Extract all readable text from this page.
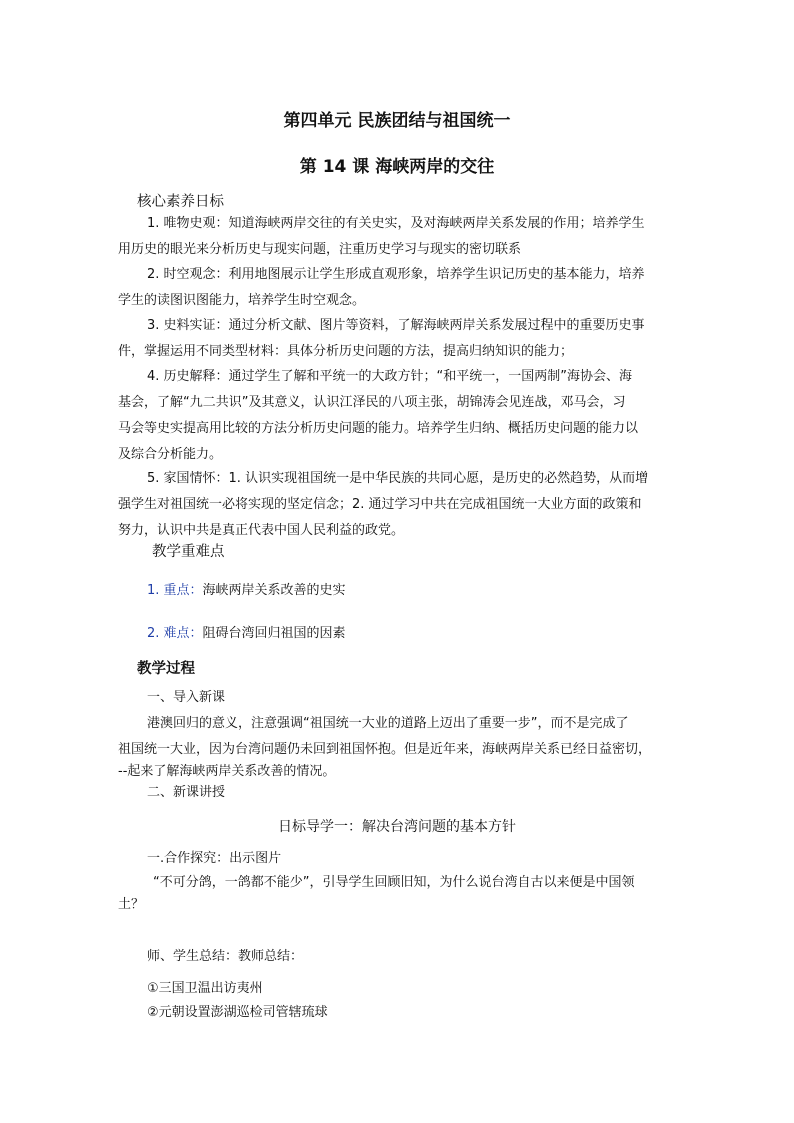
第四单元 民族团结与祖国统一
第 14 课 海峡两岸的交往
核心素养日标
1. 唯物史观：知道海峡两岸交往的有关史实，及对海峡两岸关系发展的作用；培养学生
用历史的眼光来分析历史与现实问题，注重历史学习与现实的密切联系
2. 时空观念：利用地图展示让学生形成直观形象，培养学生识记历史的基本能力，培养
学生的读图识图能力，培养学生时空观念。
3. 史料实证：通过分析文献、图片等资料，了解海峡两岸关系发展过程中的重要历史事
件，掌握运用不同类型材料：具体分析历史问题的方法，提高归纳知识的能力；
4. 历史解释：通过学生了解和平统一的大政方针；“和平统一，一国两制”海协会、海
基会，了解“九二共识”及其意义，认识江泽民的八项主张，胡锦涛会见连战，邓马会，习
马会等史实提高用比较的方法分析历史问题的能力。培养学生归纳、概括历史问题的能力以
及综合分析能力。
5. 家国情怀：1. 认识实现祖国统一是中华民族的共同心愿，是历史的必然趋势，从而增
强学生对祖国统一必将实现的坚定信念；2. 通过学习中共在完成祖国统一大业方面的政策和
努力，认识中共是真正代表中国人民利益的政党。
教学重难点
1. 重点：海峡两岸关系改善的史实
2. 难点：阻碍台湾回归祖国的因素
教学过程
一、导入新课
港澳回归的意义，注意强调“祖国统一大业的道路上迈出了重要一步”，而不是完成了
祖国统一大业，因为台湾问题仍未回到祖国怀抱。但是近年来，海峡两岸关系已经日益密切，
--起来了解海峡两岸关系改善的情况。
二、新课讲授
日标导学一：解决台湾问题的基本方针
一.合作探究：出示图片
“不可分鸽，一鸽都不能少”，引导学生回顾旧知，为什么说台湾自古以来便是中国领
土？
师、学生总结：教师总结：
①三国卫温出访夷州
②元朝设置澎湖巡检司管辖琉球
